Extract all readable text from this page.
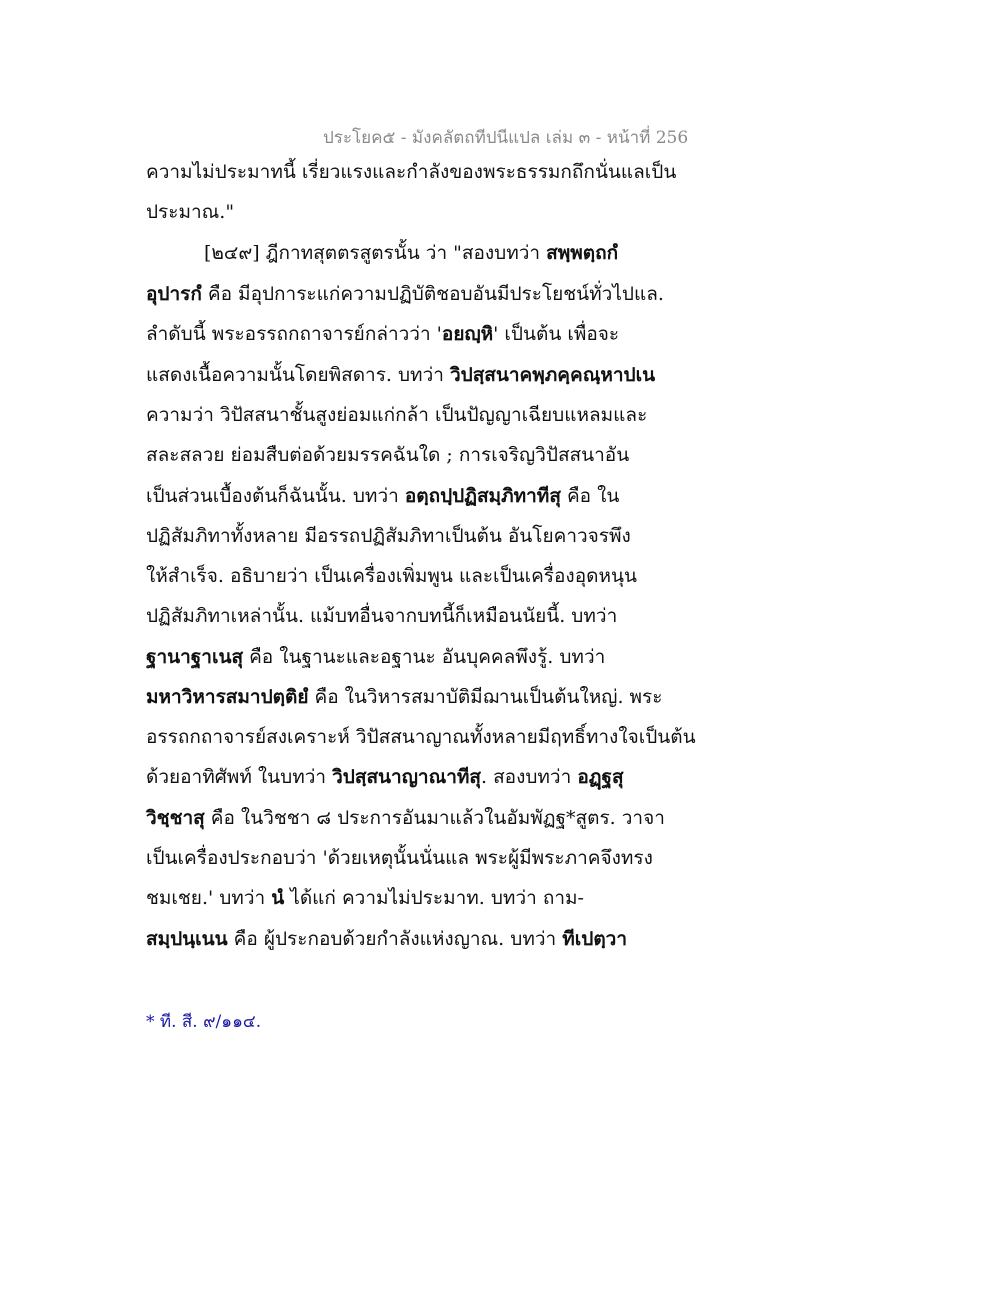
ประโยค๕ - มังคลัตถทีปนีแปล เล่ม ๓ - หน้าที่ 256
ความไม่ประมาทนี้ เรี่ยวแรงและกำลังของพระธรรมกถึกนั่นแลเป็น
ประมาณ."
[๒๔๙] ฎีกาทสุตตรสูตรนั้น ว่า "สองบทว่า สพฺพตฺถกํ
อุปารกํ คือ มีอุปการะแก่ความปฏิบัติชอบอันมีประโยชน์ทั่วไปแล.
ลำดับนี้ พระอรรถกถาจารย์กล่าวว่า 'อยญฺหิ' เป็นต้น เพื่อจะ
แสดงเนื้อความนั้นโดยพิสดาร. บทว่า วิปสฺสนาคพฺภคฺคณฺหาปเน
ความว่า วิปัสสนาชั้นสูงย่อมแก่กล้า เป็นปัญญาเฉียบแหลมและ
สละสลวย ย่อมสืบต่อด้วยมรรคฉันใด ; การเจริญวิปัสสนาอัน
เป็นส่วนเบื้องต้นก็ฉันนั้น. บทว่า อตฺถปฺปฏิสมฺภิทาทีสุ คือ ใน
ปฏิสัมภิทาทั้งหลาย มีอรรถปฏิสัมภิทาเป็นต้น อันโยคาวจรพึง
ให้สำเร็จ. อธิบายว่า เป็นเครื่องเพิ่มพูน และเป็นเครื่องอุดหนุน
ปฏิสัมภิทาเหล่านั้น. แม้บทอื่นจากบทนี้ก็เหมือนนัยนี้. บทว่า
ฐานาฐาเนสุ คือ ในฐานะและอฐานะ อันบุคคลพึงรู้. บทว่า
มหาวิหารสมาปตฺติยํ คือ ในวิหารสมาบัติมีฌานเป็นต้นใหญ่. พระ
อรรถกถาจารย์สงเคราะห์ วิปัสสนาญาณทั้งหลายมีฤทธิ์ทางใจเป็นต้น
ด้วยอาทิศัพท์ ในบทว่า วิปสฺสนาญาณาทีสุ. สองบทว่า อฏฺฐสุ
วิชฺชาสุ คือ ในวิชชา ๘ ประการอันมาแล้วในอัมพัฏฐ*สูตร. วาจา
เป็นเครื่องประกอบว่า 'ด้วยเหตุนั้นนั่นแล พระผู้มีพระภาคจึงทรง
ชมเชย.' บทว่า นํ ได้แก่ ความไม่ประมาท. บทว่า ถาม-
สมฺปนฺเนน คือ ผู้ประกอบด้วยกำลังแห่งญาณ. บทว่า ทีเปตฺวา
* ที. สี. ๙/๑๑๔.
